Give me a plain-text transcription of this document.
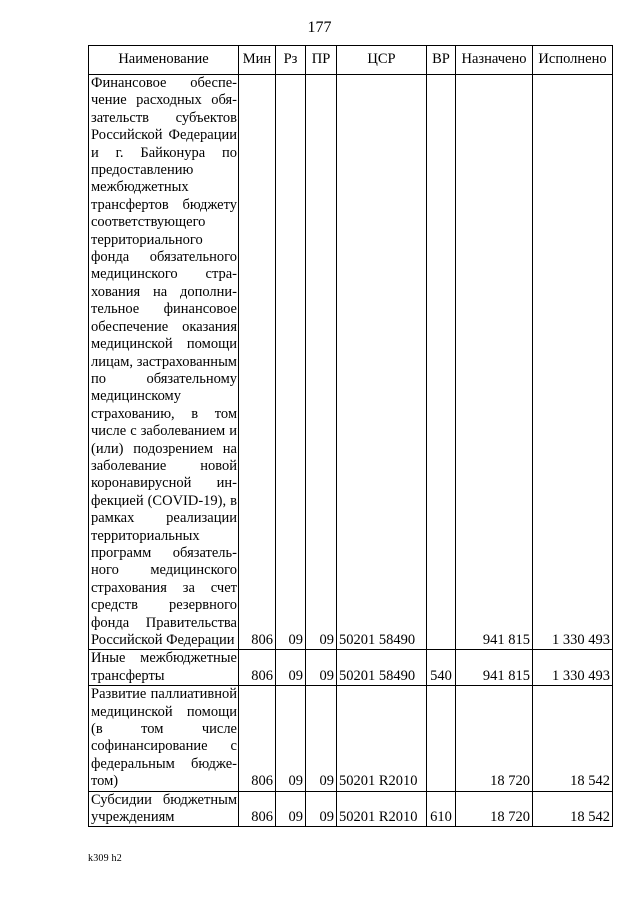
177
Наименование	Мин	Рз	ПР	ЦСР	ВР	Назначено	Исполнено
Финансовое обеспечение расходных обязательств субъектов Российской Федерации и г. Байконура по предоставлению межбюджетных трансфертов бюджету соответствующего территориального фонда обязательного медицинского страхования на дополнительное финансовое обеспечение оказания медицинской помощи лицам, застрахованным по обязательному медицинскому страхованию, в том числе с заболеванием и (или) подозрением на заболевание новой коронавирусной инфекцией (COVID-19), в рамках реализации территориальных программ обязательного медицинского страхования за счет средств резервного фонда Правительства Российской Федерации	806	09	09	50201 58490		941 815	1 330 493
Иные межбюджетные трансферты	806	09	09	50201 58490	540	941 815	1 330 493
Развитие паллиативной медицинской помощи (в том числе софинансирование с федеральным бюджетом)	806	09	09	50201 R2010		18 720	18 542
Субсидии бюджетным учреждениям	806	09	09	50201 R2010	610	18 720	18 542
k309 h2
